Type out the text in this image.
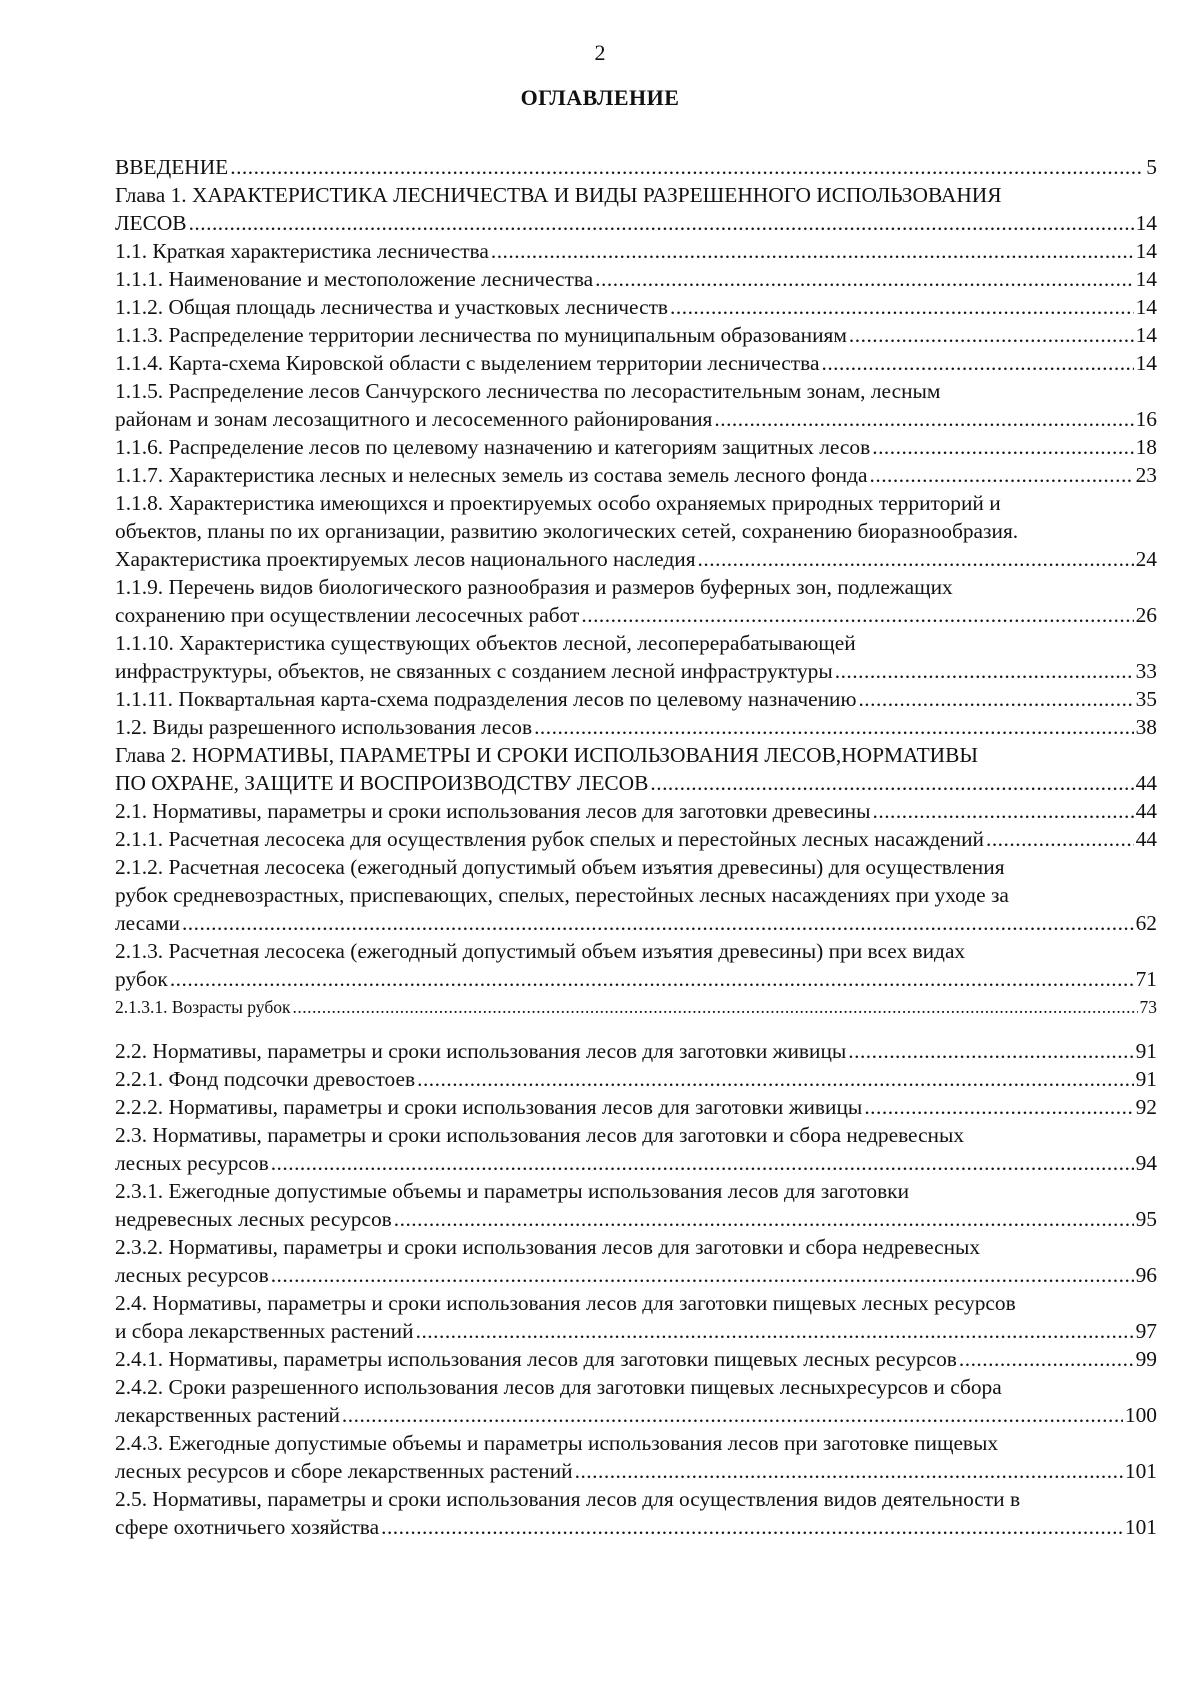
2
ОГЛАВЛЕНИЕ
ВВЕДЕНИЕ .....	5
Глава 1. ХАРАКТЕРИСТИКА ЛЕСНИЧЕСТВА И ВИДЫ РАЗРЕШЕННОГО ИСПОЛЬЗОВАНИЯ
ЛЕСОВ .....	14
1.1. Краткая характеристика лесничества .....	14
1.1.1. Наименование и местоположение лесничества .....	14
1.1.2. Общая площадь лесничества и участковых лесничеств .....	14
1.1.3. Распределение территории лесничества по муниципальным образованиям .....	14
1.1.4. Карта-схема Кировской области с выделением территории лесничества .....	14
1.1.5. Распределение лесов Санчурского лесничества по лесорастительным зонам, лесным
районам и зонам лесозащитного и лесосеменного районирования .....	16
1.1.6. Распределение лесов по целевому назначению и категориям защитных лесов .....	18
1.1.7. Характеристика лесных и нелесных земель из состава земель лесного фонда .....	23
1.1.8. Характеристика имеющихся и проектируемых особо охраняемых природных территорий и
объектов, планы по их организации, развитию экологических сетей, сохранению биоразнообразия.
Характеристика проектируемых лесов национального наследия .....	24
1.1.9. Перечень видов биологического разнообразия и размеров буферных зон, подлежащих
сохранению при осуществлении лесосечных работ .....	26
1.1.10. Характеристика существующих объектов лесной, лесоперерабатывающей
инфраструктуры, объектов, не связанных с созданием лесной инфраструктуры .....	33
1.1.11. Поквартальная карта-схема подразделения лесов по целевому назначению .....	35
1.2. Виды разрешенного использования лесов .....	38
Глава 2. НОРМАТИВЫ, ПАРАМЕТРЫ И СРОКИ ИСПОЛЬЗОВАНИЯ ЛЕСОВ,НОРМАТИВЫ
ПО ОХРАНЕ, ЗАЩИТЕ И ВОСПРОИЗВОДСТВУ ЛЕСОВ .....	44
2.1. Нормативы, параметры и сроки использования лесов для заготовки древесины .....	44
2.1.1. Расчетная лесосека для осуществления рубок спелых и перестойных лесных насаждений .....	44
2.1.2. Расчетная лесосека (ежегодный допустимый объем изъятия древесины) для осуществления
рубок средневозрастных, приспевающих, спелых, перестойных лесных насаждениях при уходе за
лесами .....	62
2.1.3. Расчетная лесосека (ежегодный допустимый объем изъятия древесины) при всех видах
рубок .....	71
2.1.3.1. Возрасты рубок .....	73
2.2. Нормативы, параметры и сроки использования лесов для заготовки живицы .....	91
2.2.1. Фонд подсочки древостоев .....	91
2.2.2. Нормативы, параметры и сроки использования лесов для заготовки живицы .....	92
2.3. Нормативы, параметры и сроки использования лесов для заготовки и сбора недревесных
лесных ресурсов .....	94
2.3.1. Ежегодные допустимые объемы и параметры использования лесов для заготовки
недревесных лесных ресурсов .....	95
2.3.2. Нормативы, параметры и сроки использования лесов для заготовки и сбора недревесных
лесных ресурсов .....	96
2.4. Нормативы, параметры и сроки использования лесов для заготовки пищевых лесных ресурсов
и сбора лекарственных растений .....	97
2.4.1. Нормативы, параметры использования лесов для заготовки пищевых лесных ресурсов .....	99
2.4.2. Сроки разрешенного использования лесов для заготовки пищевых лесныхресурсов и сбора
лекарственных растений .....	100
2.4.3. Ежегодные допустимые объемы и параметры использования лесов при заготовке пищевых
лесных ресурсов и сборе лекарственных растений .....	101
2.5. Нормативы, параметры и сроки использования лесов для осуществления видов деятельности в
сфере охотничьего хозяйства .....	101
